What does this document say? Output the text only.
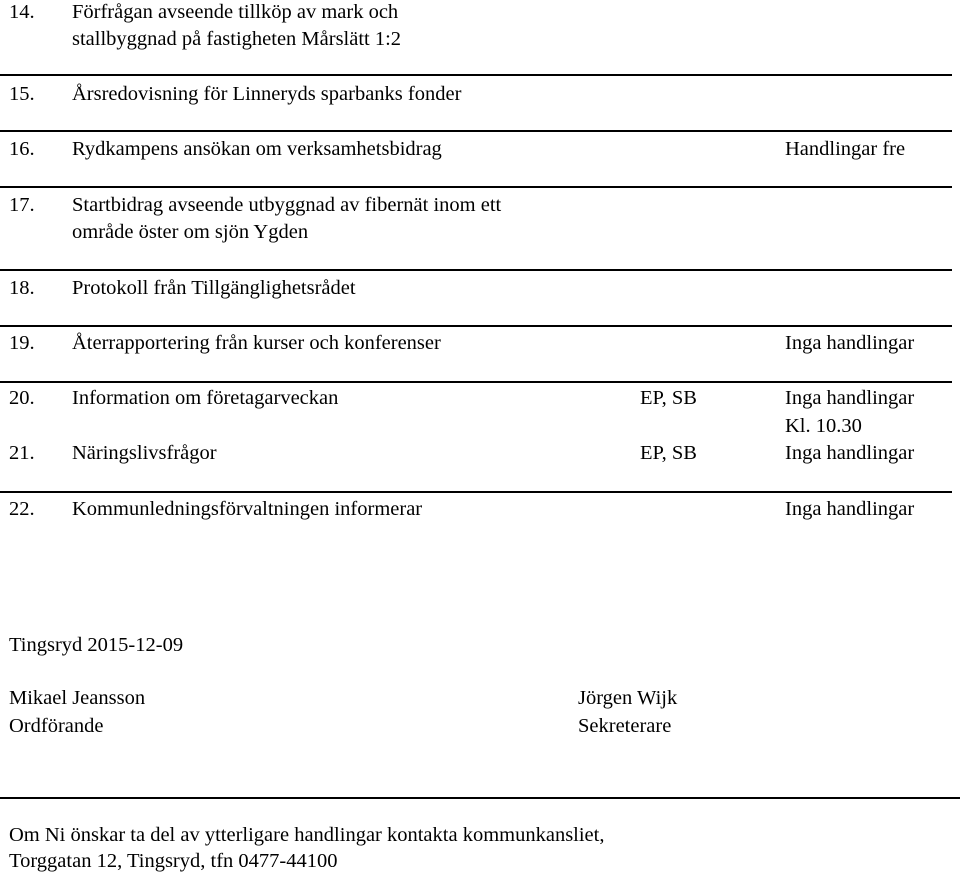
14. Förfrågan avseende tillköp av mark och
stallbyggnad på fastigheten Mårslätt 1:2
15. Årsredovisning för Linneryds sparbanks fonder
16. Rydkampens ansökan om verksamhetsbidrag	Handlingar fre
17. Startbidrag avseende utbyggnad av fibernät inom ett
område öster om sjön Ygden
18. Protokoll från Tillgänglighetsrådet
19. Återrapportering från kurser och konferenser	Inga handlingar
20. Information om företagarveckan	EP, SB	Inga handlingar
Kl. 10.30
21. Näringslivsfrågor	EP, SB	Inga handlingar
22. Kommunledningsförvaltningen informerar	Inga handlingar
Tingsryd 2015-12-09
Mikael Jeansson
Ordförande
Jörgen Wijk
Sekreterare
Om Ni önskar ta del av ytterligare handlingar kontakta kommunkansliet,
Torggatan 12, Tingsryd, tfn 0477-44100
